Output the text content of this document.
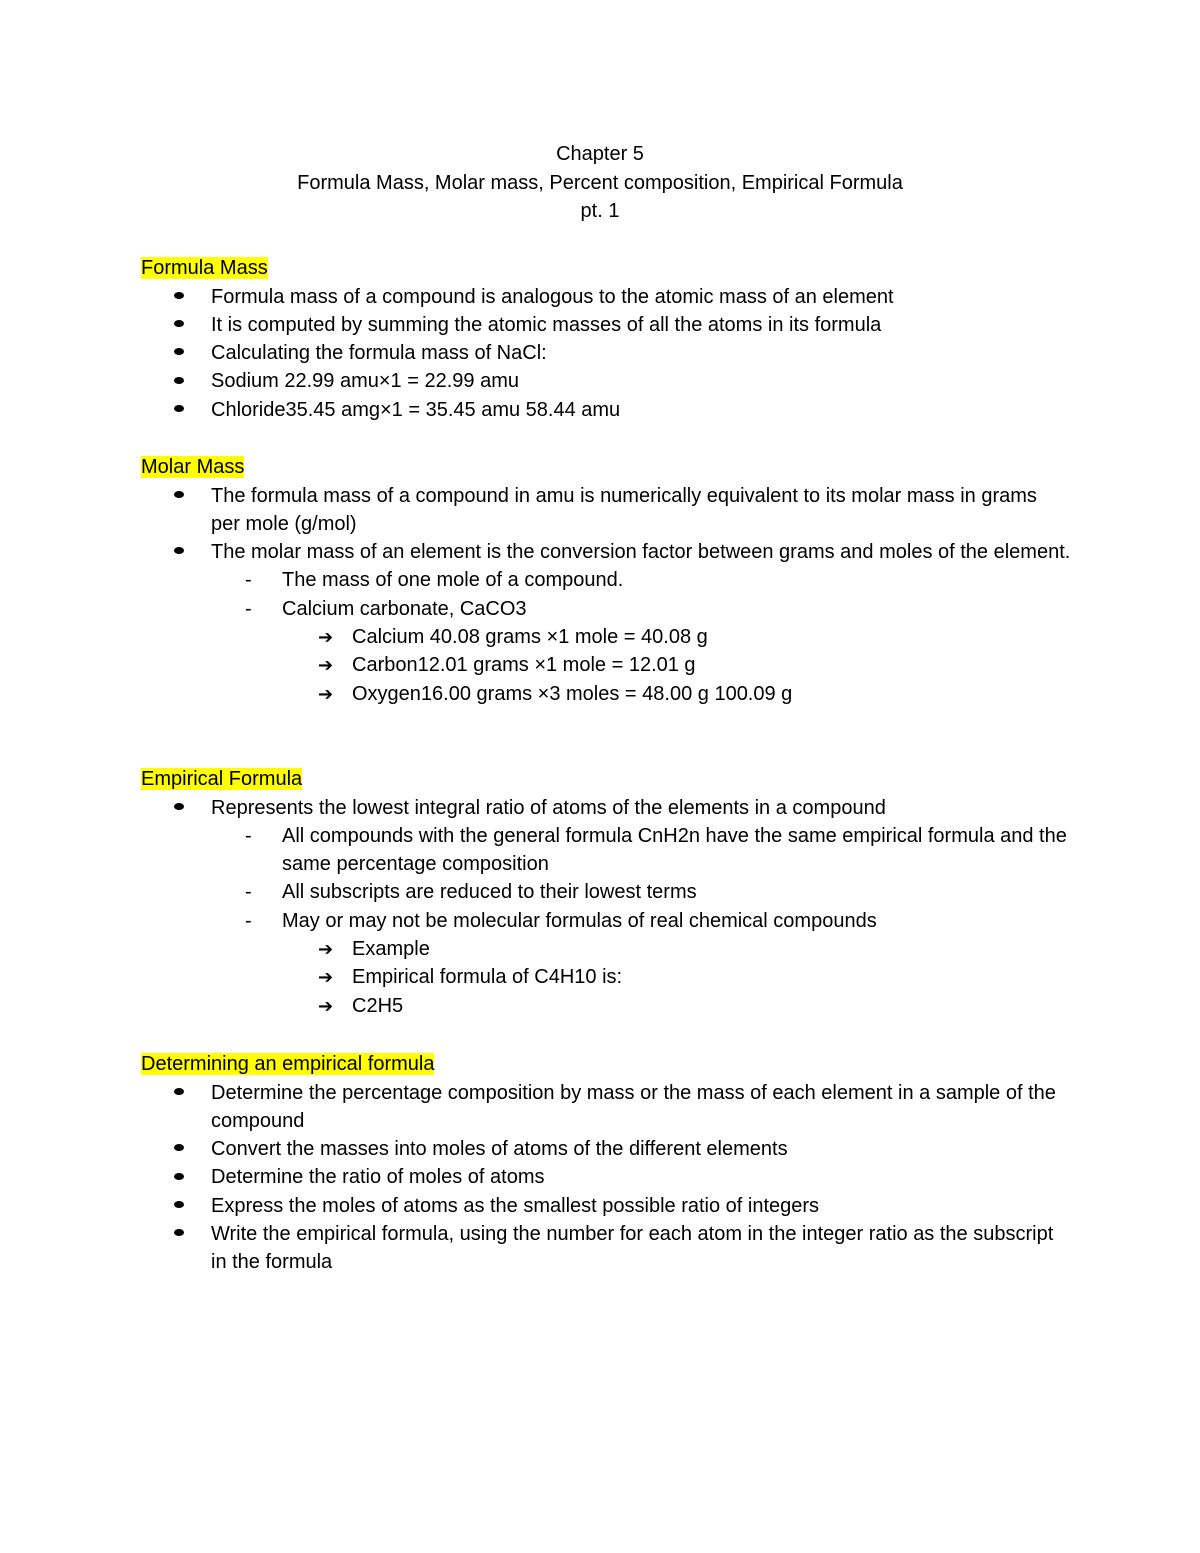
Chapter 5
Formula Mass, Molar mass, Percent composition, Empirical Formula
pt. 1
Formula Mass
Formula mass of a compound is analogous to the atomic mass of an element
It is computed by summing the atomic masses of all the atoms in its formula
Calculating the formula mass of NaCl:
Sodium 22.99 amu×1 = 22.99 amu
Chloride35.45 amg×1 = 35.45 amu 58.44 amu
Molar Mass
The formula mass of a compound in amu is numerically equivalent to its molar mass in grams per mole (g/mol)
The molar mass of an element is the conversion factor between grams and moles of the element.
- The mass of one mole of a compound.
- Calcium carbonate, CaCO3
➔ Calcium 40.08 grams ×1 mole = 40.08 g
➔ Carbon12.01 grams ×1 mole = 12.01 g
➔ Oxygen16.00 grams ×3 moles = 48.00 g 100.09 g
Empirical Formula
Represents the lowest integral ratio of atoms of the elements in a compound
- All compounds with the general formula CnH2n have the same empirical formula and the same percentage composition
- All subscripts are reduced to their lowest terms
- May or may not be molecular formulas of real chemical compounds
➔ Example
➔ Empirical formula of C4H10 is:
➔ C2H5
Determining an empirical formula
Determine the percentage composition by mass or the mass of each element in a sample of the compound
Convert the masses into moles of atoms of the different elements
Determine the ratio of moles of atoms
Express the moles of atoms as the smallest possible ratio of integers
Write the empirical formula, using the number for each atom in the integer ratio as the subscript in the formula
